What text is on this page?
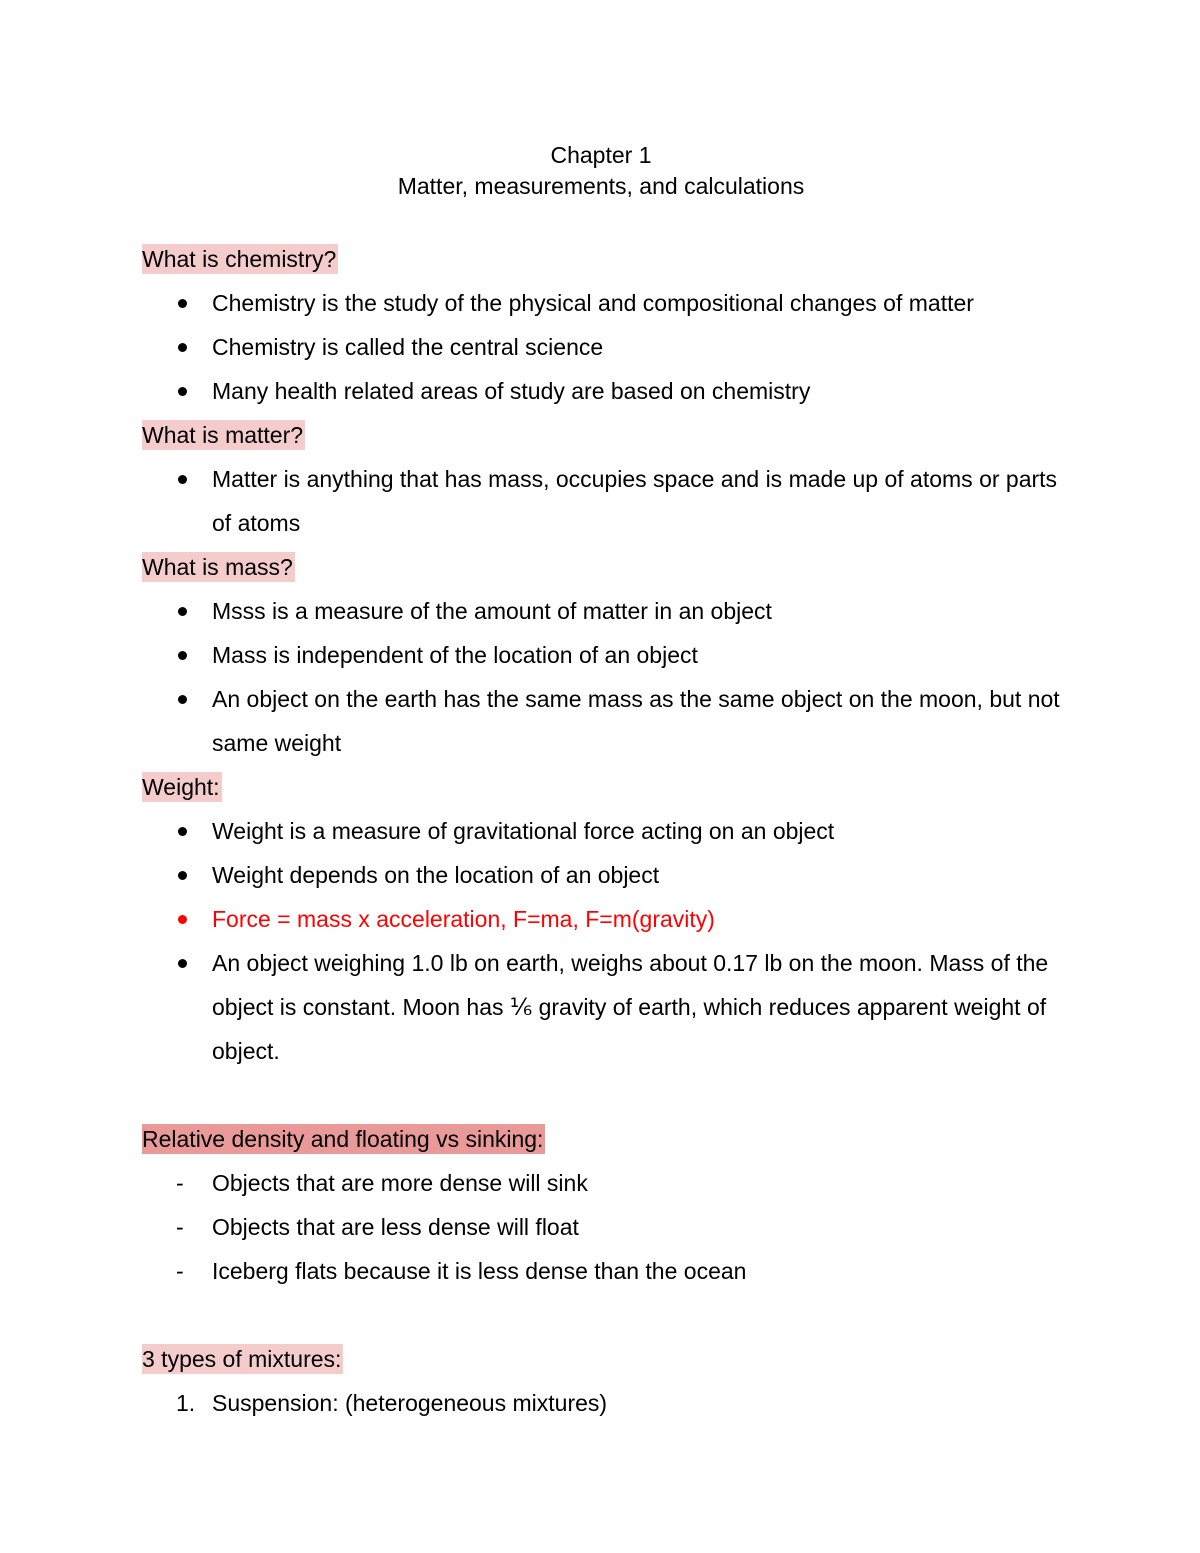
Chapter 1
Matter, measurements, and calculations
What is chemistry?
Chemistry is the study of the physical and compositional changes of matter
Chemistry is called the central science
Many health related areas of study are based on chemistry
What is matter?
Matter is anything that has mass, occupies space and is made up of atoms or parts of atoms
What is mass?
Msss is a measure of the amount of matter in an object
Mass is independent of the location of an object
An object on the earth has the same mass as the same object on the moon, but not same weight
Weight:
Weight is a measure of gravitational force acting on an object
Weight depends on the location of an object
Force = mass x acceleration, F=ma, F=m(gravity)
An object weighing 1.0 lb on earth, weighs about 0.17 lb on the moon. Mass of the object is constant. Moon has ⅙ gravity of earth, which reduces apparent weight of object.
Relative density and floating vs sinking:
-	Objects that are more dense will sink
-	Objects that are less dense will float
-	Iceberg flats because it is less dense than the ocean
3 types of mixtures:
1. Suspension: (heterogeneous mixtures)
